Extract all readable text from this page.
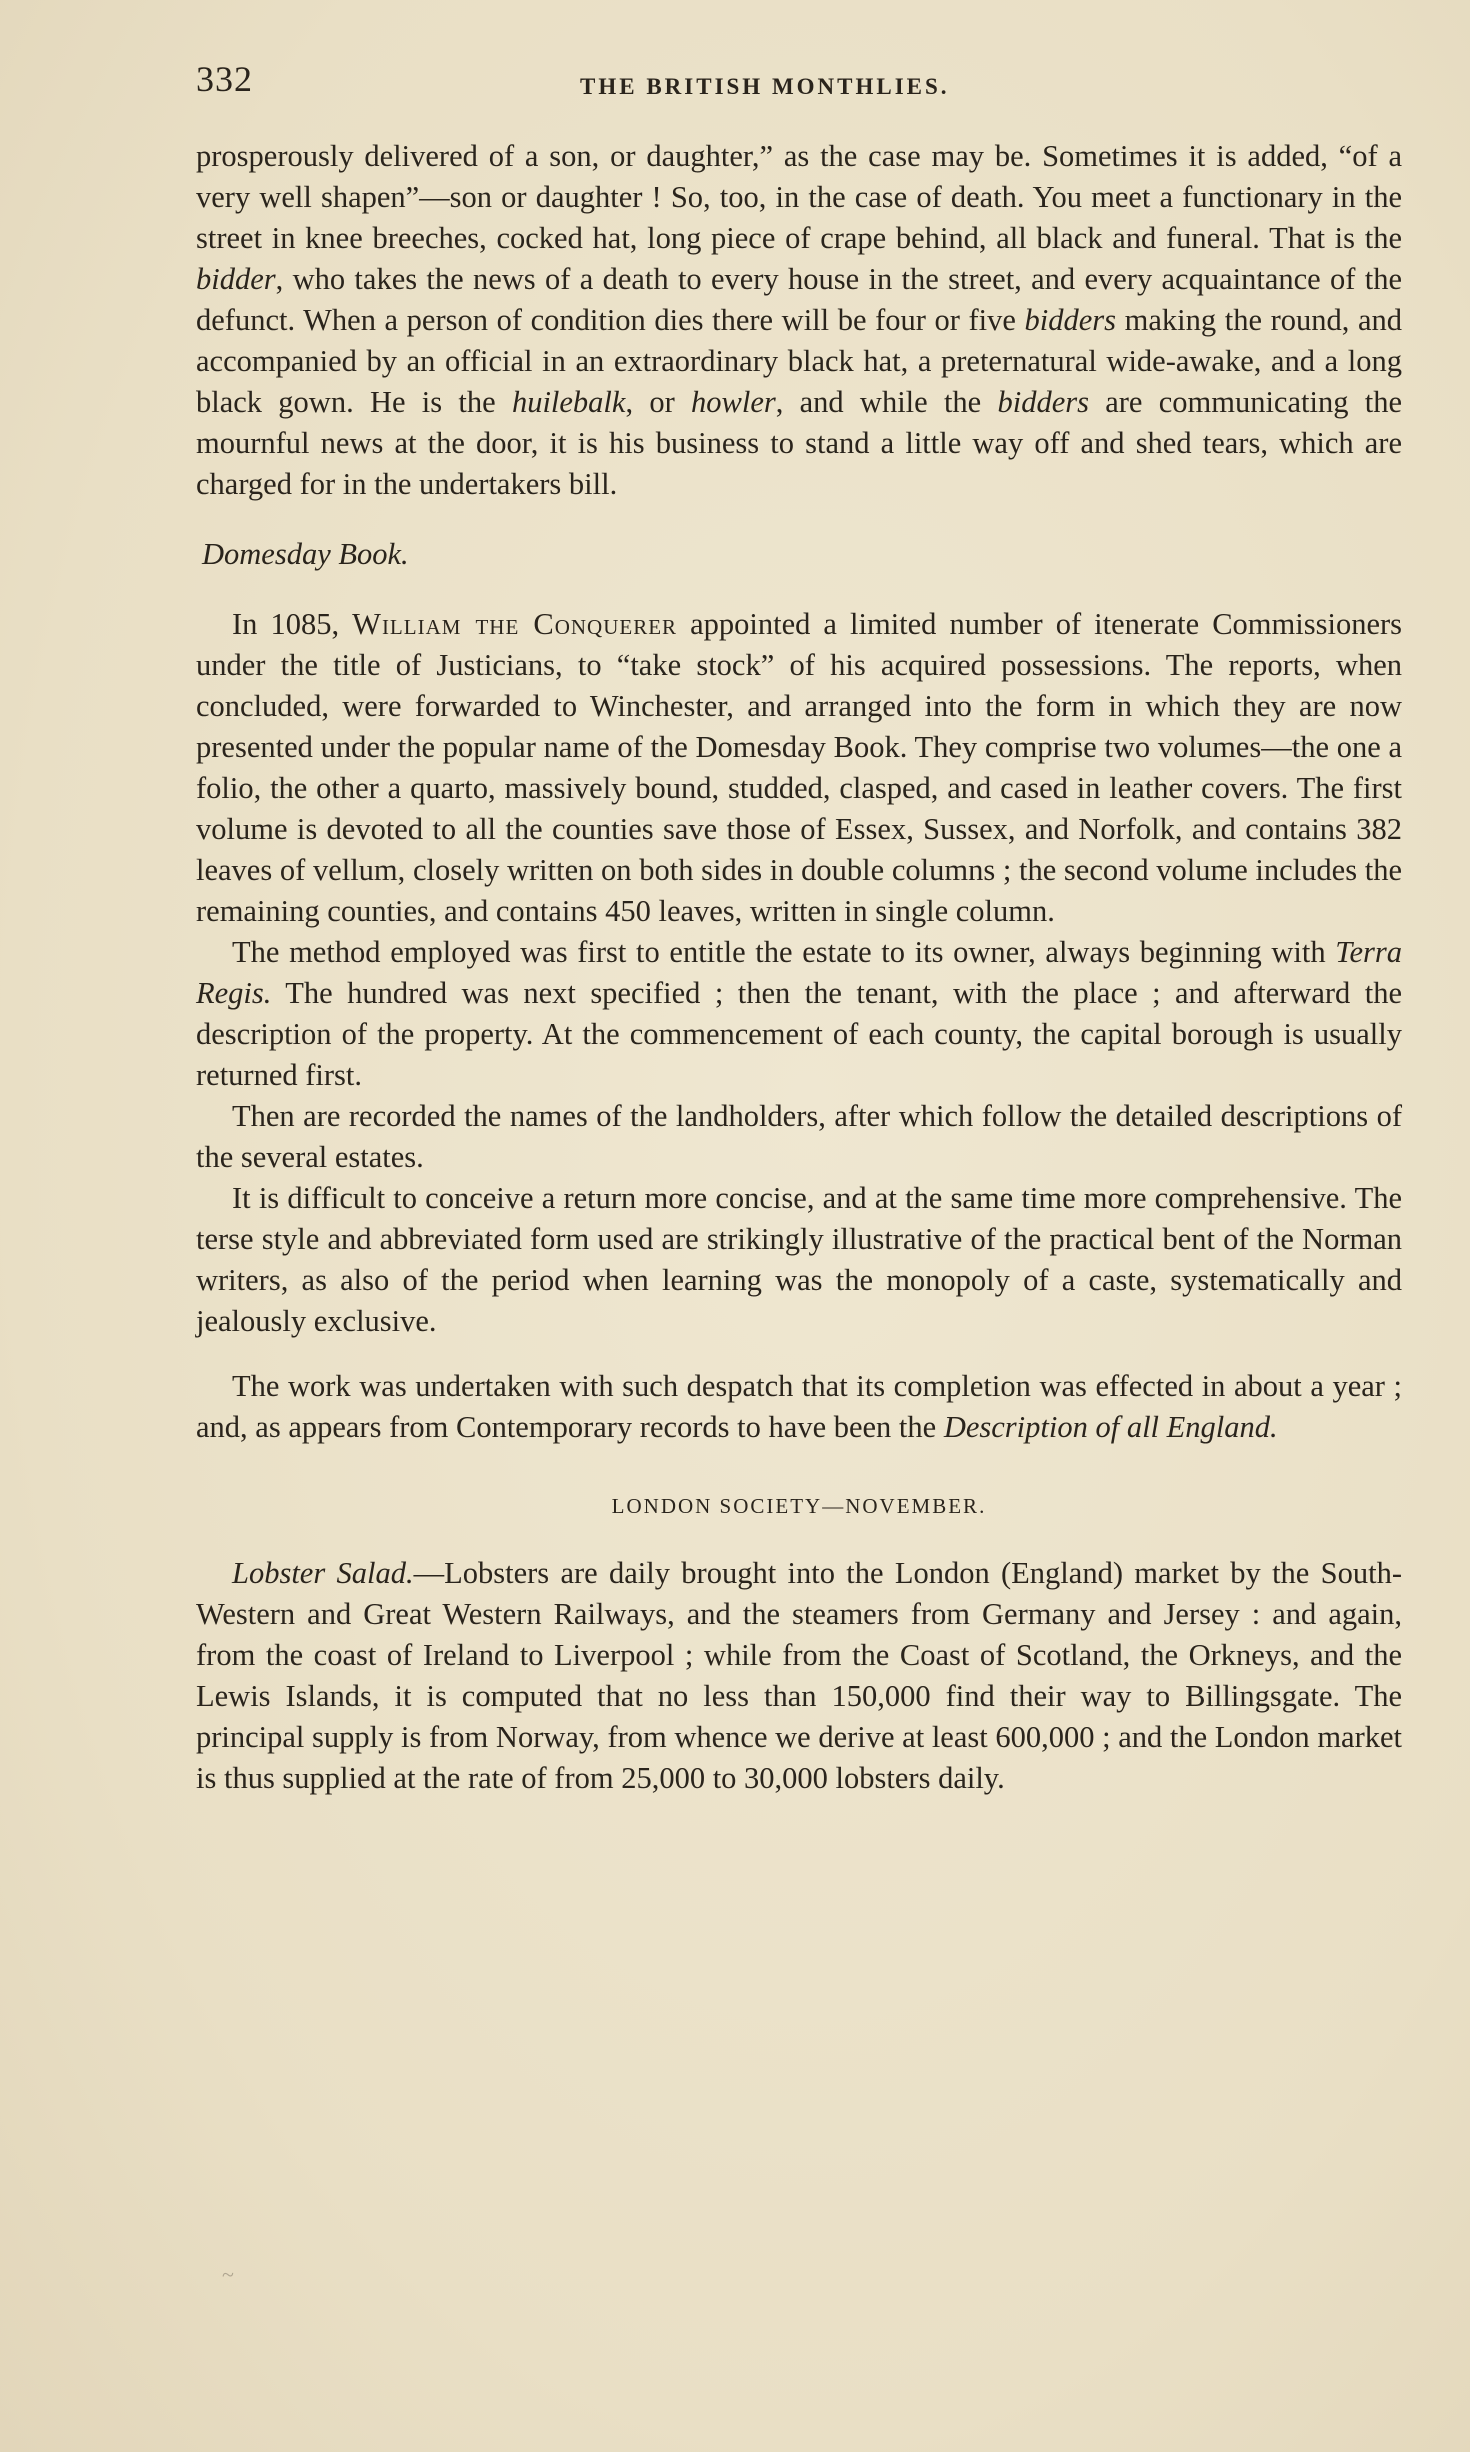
332	THE BRITISH MONTHLIES.

prosperously delivered of a son, or daughter,” as the case may be. Sometimes it is added, “of a very well shapen”—son or daughter ! So, too, in the case of death. You meet a functionary in the street in knee breeches, cocked hat, long piece of crape behind, all black and funeral. That is the bidder, who takes the news of a death to every house in the street, and every acquaintance of the defunct. When a person of condition dies there will be four or five bidders making the round, and accompanied by an official in an extraordinary black hat, a preternatural wide-awake, and a long black gown. He is the huilebalk, or howler, and while the bidders are communicating the mournful news at the door, it is his business to stand a little way off and shed tears, which are charged for in the undertakers bill.

Domesday Book.

In 1085, William the Conquerer appointed a limited number of itenerate Commissioners under the title of Justicians, to “take stock” of his acquired possessions. The reports, when concluded, were forwarded to Winchester, and arranged into the form in which they are now presented under the popular name of the Domesday Book. They comprise two volumes—the one a folio, the other a quarto, massively bound, studded, clasped, and cased in leather covers. The first volume is devoted to all the counties save those of Essex, Sussex, and Norfolk, and contains 382 leaves of vellum, closely written on both sides in double columns ; the second volume includes the remaining counties, and contains 450 leaves, written in single column.

The method employed was first to entitle the estate to its owner, always beginning with Terra Regis. The hundred was next specified ; then the tenant, with the place ; and afterward the description of the property. At the commencement of each county, the capital borough is usually returned first.

Then are recorded the names of the landholders, after which follow the detailed descriptions of the several estates.

It is difficult to conceive a return more concise, and at the same time more comprehensive. The terse style and abbreviated form used are strikingly illustrative of the practical bent of the Norman writers, as also of the period when learning was the monopoly of a caste, systematically and jealously exclusive.

The work was undertaken with such despatch that its completion was effected in about a year ; and, as appears from Contemporary records to have been the Description of all England.

LONDON SOCIETY—NOVEMBER.

Lobster Salad.—Lobsters are daily brought into the London (England) market by the South-Western and Great Western Railways, and the steamers from Germany and Jersey : and again, from the coast of Ireland to Liverpool ; while from the Coast of Scotland, the Orkneys, and the Lewis Islands, it is computed that no less than 150,000 find their way to Billingsgate. The principal supply is from Norway, from whence we derive at least 600,000 ; and the London market is thus supplied at the rate of from 25,000 to 30,000 lobsters daily.

~
